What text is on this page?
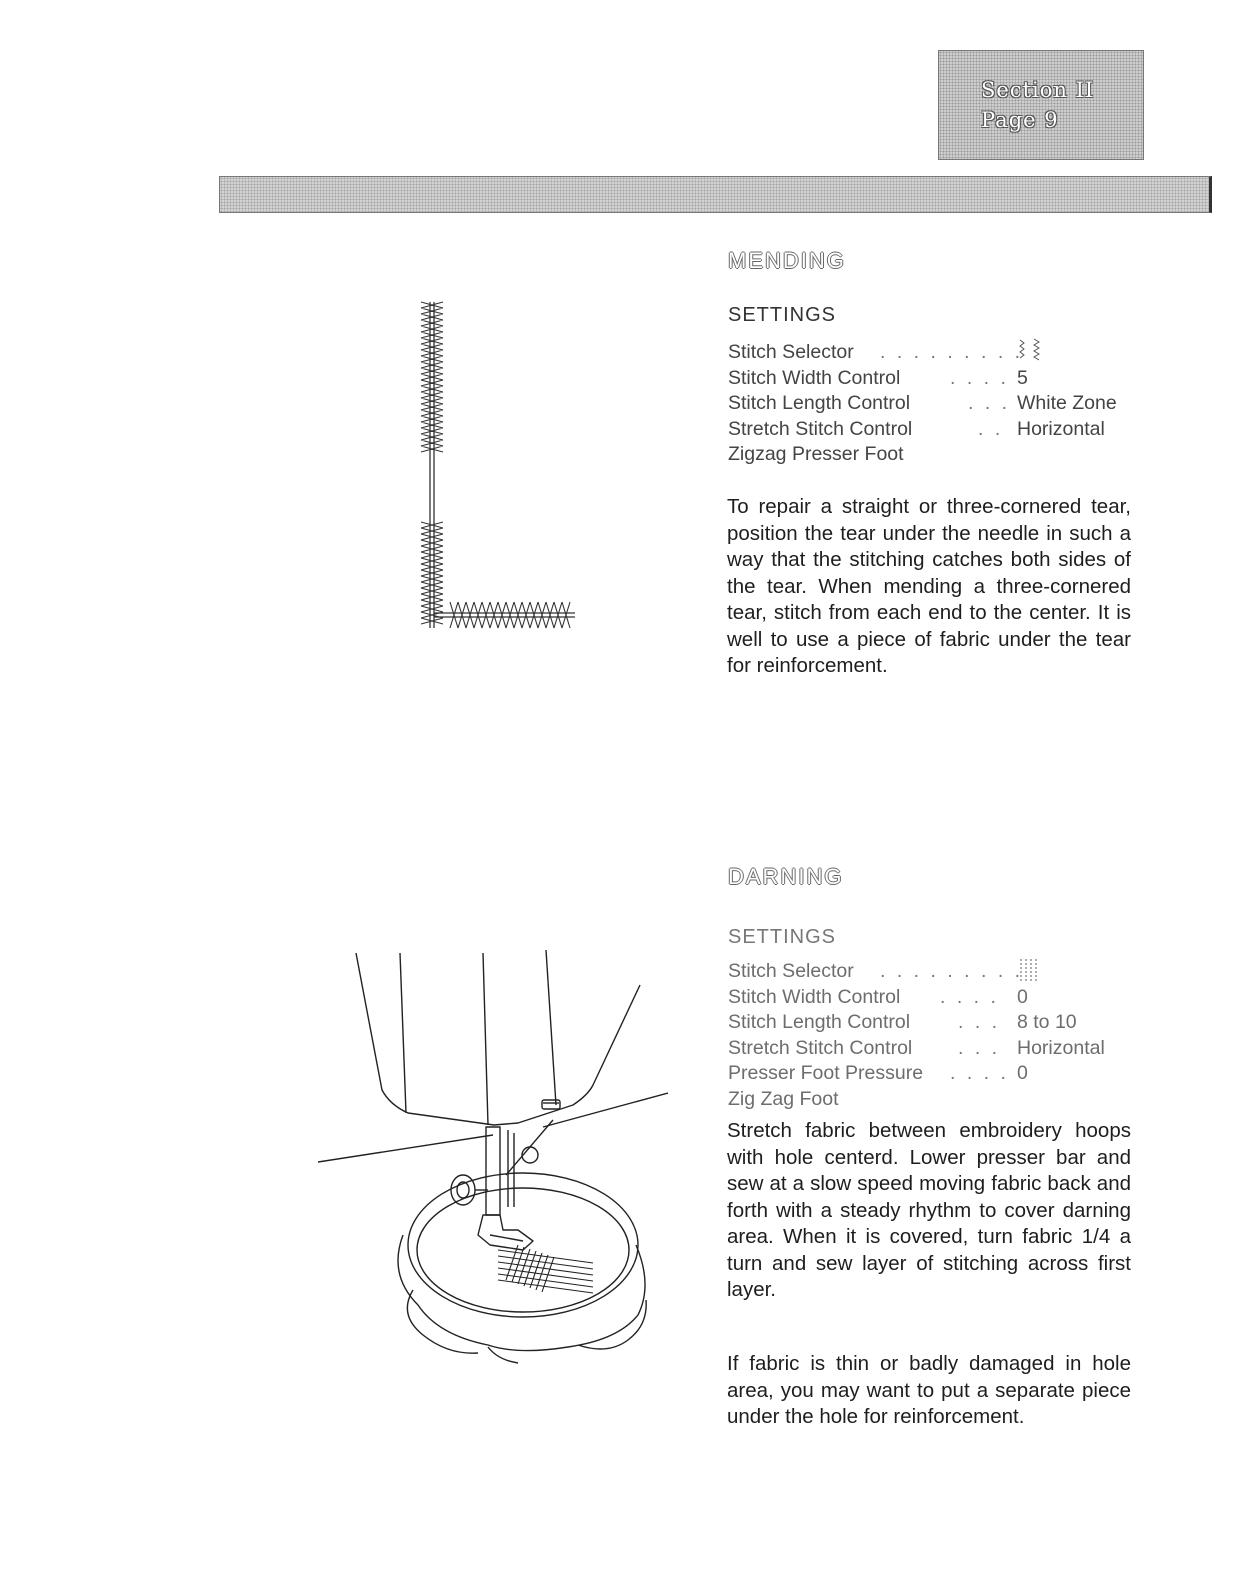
Section II
Page 9
MENDING
SETTINGS
Stitch Selector . . . . . . . . .
Stitch Width Control	. . . . 5
Stitch Length Control	. . . White Zone
Stretch Stitch Control	. . Horizontal
Zigzag Presser Foot

To repair a straight or three-cornered tear, position the tear under the needle in such a way that the stitching catches both sides of the tear. When mending a three-cornered tear, stitch from each end to the center. It is well to use a piece of fabric under the tear for reinforcement.

DARNING
SETTINGS
Stitch Selector . . . . . . . . .
Stitch Width Control . . . . 0
Stitch Length Control . . . 8 to 10
Stretch Stitch Control . . . Horizontal
Presser Foot Pressure . . . . 0
Zig Zag Foot

Stretch fabric between embroidery hoops with hole centerd. Lower presser bar and sew at a slow speed moving fabric back and forth with a steady rhythm to cover darning area. When it is covered, turn fabric 1/4 a turn and sew layer of stitching across first layer.

If fabric is thin or badly damaged in hole area, you may want to put a separate piece under the hole for reinforcement.
